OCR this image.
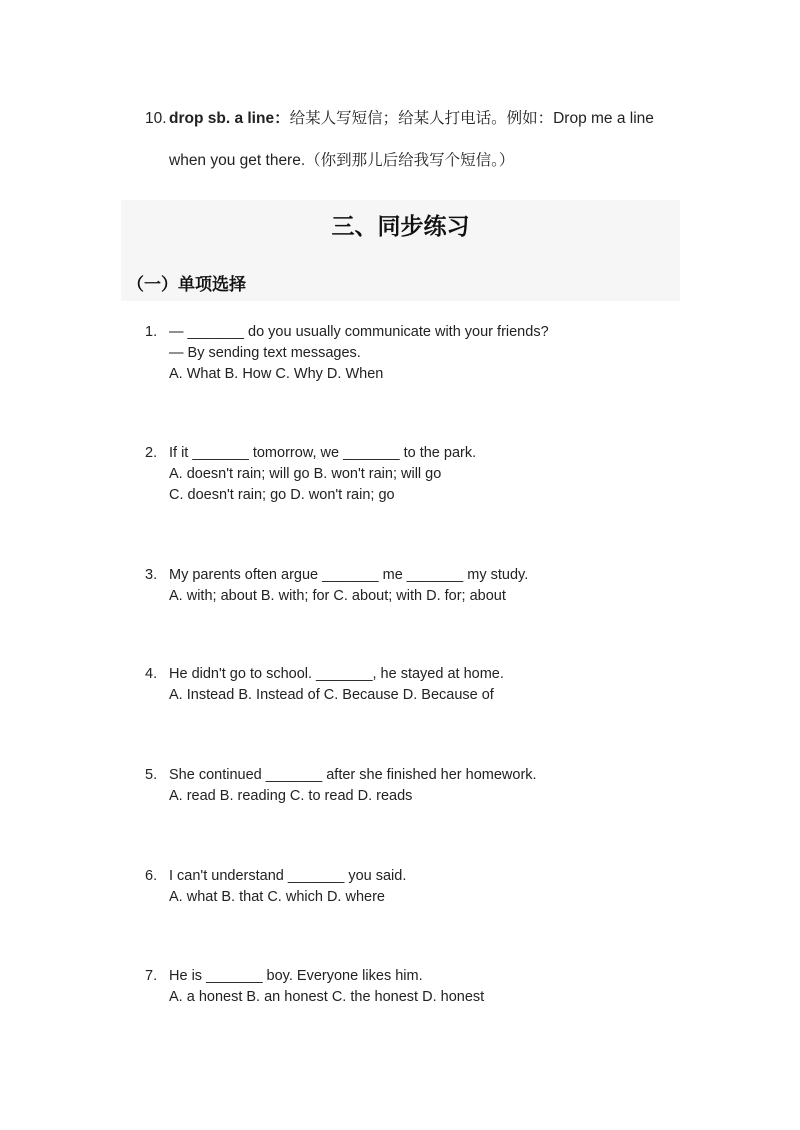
10. drop sb. a line：给某人写短信；给某人打电话。例如：Drop me a line
when you get there.（你到那儿后给我写个短信。）
三、同步练习
（一）单项选择
1. — _______ do you usually communicate with your friends?
— By sending text messages.
A. What B. How C. Why D. When
2. If it _______ tomorrow, we _______ to the park.
A. doesn't rain; will go B. won't rain; will go
C. doesn't rain; go D. won't rain; go
3. My parents often argue _______ me _______ my study.
A. with; about B. with; for C. about; with D. for; about
4. He didn't go to school. _______, he stayed at home.
A. Instead B. Instead of C. Because D. Because of
5. She continued _______ after she finished her homework.
A. read B. reading C. to read D. reads
6. I can't understand _______ you said.
A. what B. that C. which D. where
7. He is _______ boy. Everyone likes him.
A. a honest B. an honest C. the honest D. honest
